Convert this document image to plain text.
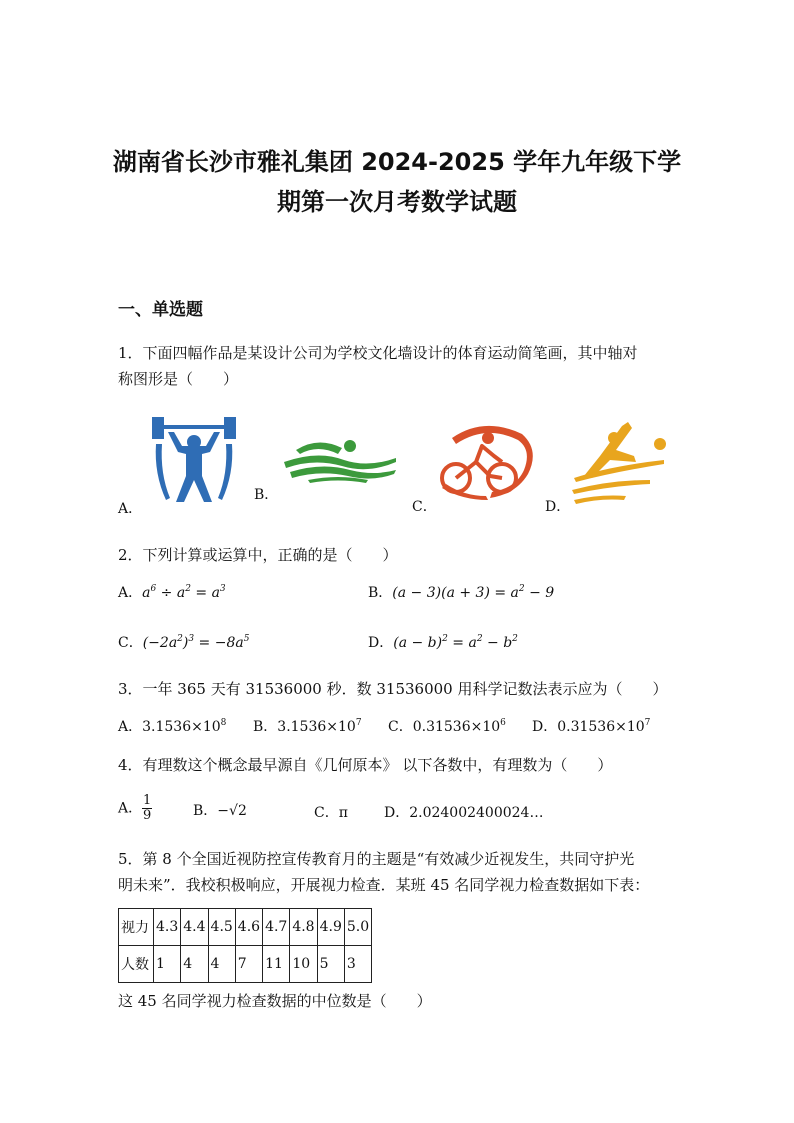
湖南省长沙市雅礼集团 2024-2025 学年九年级下学
期第一次月考数学试题
一、单选题
1．下面四幅作品是某设计公司为学校文化墙设计的体育运动简笔画，其中轴对
称图形是（　　）
A．
B．
C．	D．
2．下列计算或运算中，正确的是（　　）
A．$a^6 \div a^2 = a^3$	B．$(a - 3)(a + 3) = a^2 - 9$
C．$(-2a^2)^3 = -8a^5$	D．$(a - b)^2 = a^2 - b^2$
3．一年 365 天有 31536000 秒．数 31536000 用科学记数法表示应为（　　）
A．$3.1536\times 10^8$ B．$3.1536\times 10^7$ C．$0.31536\times 10^6$ D．$0.31536\times 10^7$
4．有理数这个概念最早源自《几何原本》 以下各数中，有理数为（　　）
A． $\frac{1}{9}$	B．−√2	C．π	D．2.024002400024…
5．第 8 个全国近视防控宣传教育月的主题是“有效减少近视发生，共同守护光
明未来”．我校积极响应，开展视力检查．某班 45 名同学视力检查数据如下表：
视力	4.3	4.4	4.5	4.6	4.7	4.8	4.9	5.0
人数	1	4	4	7	11	10	5	3
这 45 名同学视力检查数据的中位数是（　　）
